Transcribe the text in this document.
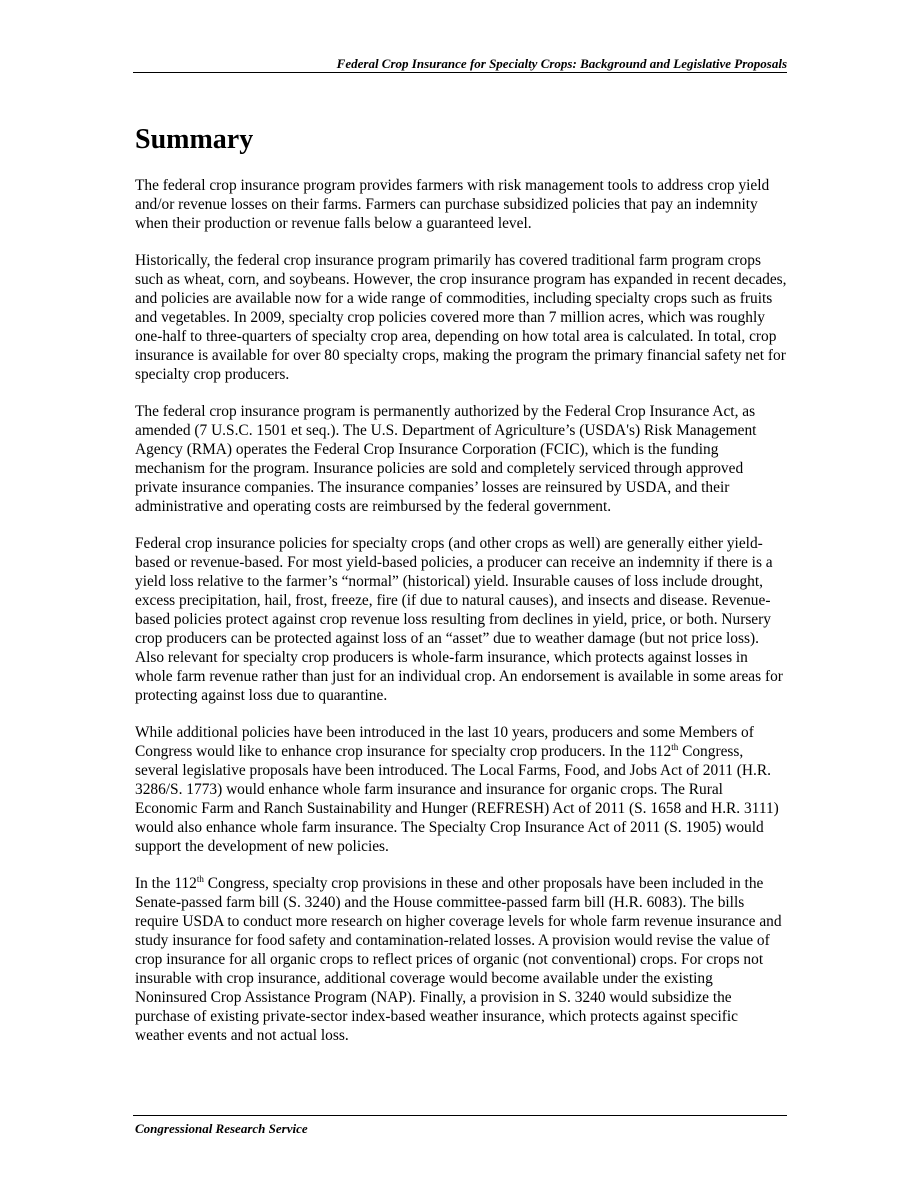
Federal Crop Insurance for Specialty Crops: Background and Legislative Proposals
Summary

The federal crop insurance program provides farmers with risk management tools to address crop yield and/or revenue losses on their farms. Farmers can purchase subsidized policies that pay an indemnity when their production or revenue falls below a guaranteed level.

Historically, the federal crop insurance program primarily has covered traditional farm program crops such as wheat, corn, and soybeans. However, the crop insurance program has expanded in recent decades, and policies are available now for a wide range of commodities, including specialty crops such as fruits and vegetables. In 2009, specialty crop policies covered more than 7 million acres, which was roughly one-half to three-quarters of specialty crop area, depending on how total area is calculated. In total, crop insurance is available for over 80 specialty crops, making the program the primary financial safety net for specialty crop producers.

The federal crop insurance program is permanently authorized by the Federal Crop Insurance Act, as amended (7 U.S.C. 1501 et seq.). The U.S. Department of Agriculture’s (USDA's) Risk Management Agency (RMA) operates the Federal Crop Insurance Corporation (FCIC), which is the funding mechanism for the program. Insurance policies are sold and completely serviced through approved private insurance companies. The insurance companies’ losses are reinsured by USDA, and their administrative and operating costs are reimbursed by the federal government.

Federal crop insurance policies for specialty crops (and other crops as well) are generally either yield-based or revenue-based. For most yield-based policies, a producer can receive an indemnity if there is a yield loss relative to the farmer’s “normal” (historical) yield. Insurable causes of loss include drought, excess precipitation, hail, frost, freeze, fire (if due to natural causes), and insects and disease. Revenue-based policies protect against crop revenue loss resulting from declines in yield, price, or both. Nursery crop producers can be protected against loss of an “asset” due to weather damage (but not price loss). Also relevant for specialty crop producers is whole-farm insurance, which protects against losses in whole farm revenue rather than just for an individual crop. An endorsement is available in some areas for protecting against loss due to quarantine.

While additional policies have been introduced in the last 10 years, producers and some Members of Congress would like to enhance crop insurance for specialty crop producers. In the 112th Congress, several legislative proposals have been introduced. The Local Farms, Food, and Jobs Act of 2011 (H.R. 3286/S. 1773) would enhance whole farm insurance and insurance for organic crops. The Rural Economic Farm and Ranch Sustainability and Hunger (REFRESH) Act of 2011 (S. 1658 and H.R. 3111) would also enhance whole farm insurance. The Specialty Crop Insurance Act of 2011 (S. 1905) would support the development of new policies.

In the 112th Congress, specialty crop provisions in these and other proposals have been included in the Senate-passed farm bill (S. 3240) and the House committee-passed farm bill (H.R. 6083). The bills require USDA to conduct more research on higher coverage levels for whole farm revenue insurance and study insurance for food safety and contamination-related losses. A provision would revise the value of crop insurance for all organic crops to reflect prices of organic (not conventional) crops. For crops not insurable with crop insurance, additional coverage would become available under the existing Noninsured Crop Assistance Program (NAP). Finally, a provision in S. 3240 would subsidize the purchase of existing private-sector index-based weather insurance, which protects against specific weather events and not actual loss.

Congressional Research Service
